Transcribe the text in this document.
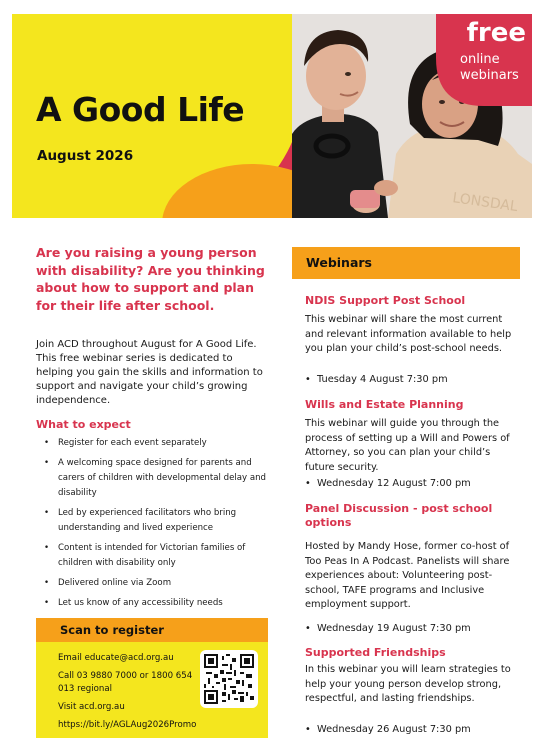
A Good Life
August 2026
LONSDAL
free
online webinars
Are you raising a young person with disability? Are you thinking about how to support and plan for their life after school.
Join ACD throughout August for A Good Life. This free webinar series is dedicated to helping you gain the skills and information to support and navigate your child’s growing independence.
What to expect
• Register for each event separately
• A welcoming space designed for parents and carers of children with developmental delay and disability
• Led by experienced facilitators who bring understanding and lived experience
• Content is intended for Victorian families of children with disability only
• Delivered online via Zoom
• Let us know of any accessibility needs
Scan to register
Email educate@acd.org.au
Call 03 9880 7000 or 1800 654 013 regional
Visit acd.org.au
https://bit.ly/AGLAug2026Promo
Webinars
NDIS Support Post School
This webinar will share the most current and relevant information available to help you plan your child’s post-school needs.
•  Tuesday 4 August 7:30 pm
Wills and Estate Planning
This webinar will guide you through the process of setting up a Will and Powers of Attorney, so you can plan your child’s future security.
•  Wednesday 12 August 7:00 pm
Panel Discussion - post school options
Hosted by Mandy Hose, former co-host of Too Peas In A Podcast. Panelists will share experiences about: Volunteering post-school, TAFE programs and Inclusive employment support.
•  Wednesday 19 August 7:30 pm
Supported Friendships
In this webinar you will learn strategies to help your young person develop strong, respectful, and lasting friendships.
•  Wednesday 26 August 7:30 pm
